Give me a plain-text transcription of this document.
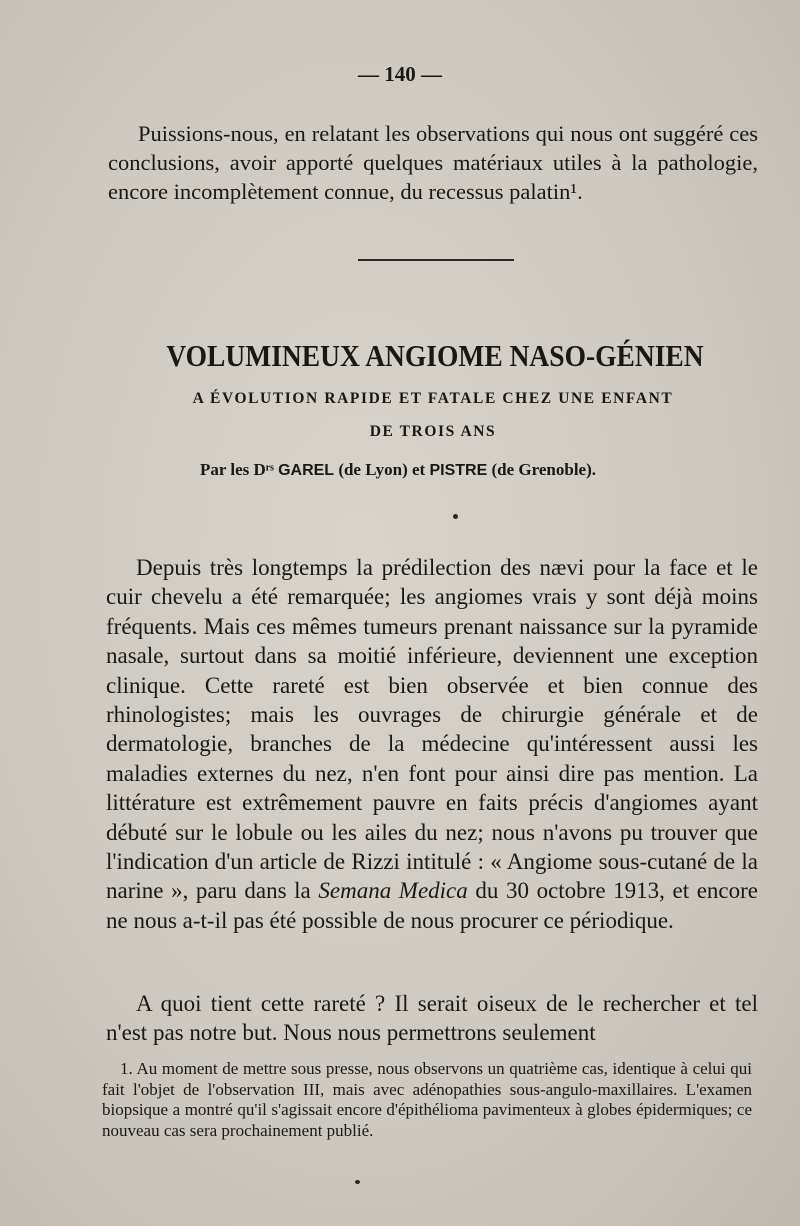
— 140 —

Puissions-nous, en relatant les observations qui nous ont suggéré ces conclusions, avoir apporté quelques matériaux utiles à la pathologie, encore incomplètement connue, du recessus palatin¹.

VOLUMINEUX ANGIOME NASO-GÉNIEN
A ÉVOLUTION RAPIDE ET FATALE CHEZ UNE ENFANT
DE TROIS ANS
Par les Dʳˢ GAREL (de Lyon) et PISTRE (de Grenoble).

Depuis très longtemps la prédilection des nævi pour la face et le cuir chevelu a été remarquée; les angiomes vrais y sont déjà moins fréquents. Mais ces mêmes tumeurs prenant naissance sur la pyramide nasale, surtout dans sa moitié inférieure, deviennent une exception clinique. Cette rareté est bien observée et bien connue des rhinologistes; mais les ouvrages de chirurgie générale et de dermatologie, branches de la médecine qu'intéressent aussi les maladies externes du nez, n'en font pour ainsi dire pas mention. La littérature est extrêmement pauvre en faits précis d'angiomes ayant débuté sur le lobule ou les ailes du nez; nous n'avons pu trouver que l'indication d'un article de Rizzi intitulé : « Angiome sous-cutané de la narine », paru dans la Semana Medica du 30 octobre 1913, et encore ne nous a-t-il pas été possible de nous procurer ce périodique.

A quoi tient cette rareté ? Il serait oiseux de le rechercher et tel n'est pas notre but. Nous nous permettrons seulement

1. Au moment de mettre sous presse, nous observons un quatrième cas, identique à celui qui fait l'objet de l'observation III, mais avec adénopathies sous-angulo-maxillaires. L'examen biopsique a montré qu'il s'agissait encore d'épithélioma pavimenteux à globes épidermiques; ce nouveau cas sera prochainement publié.
